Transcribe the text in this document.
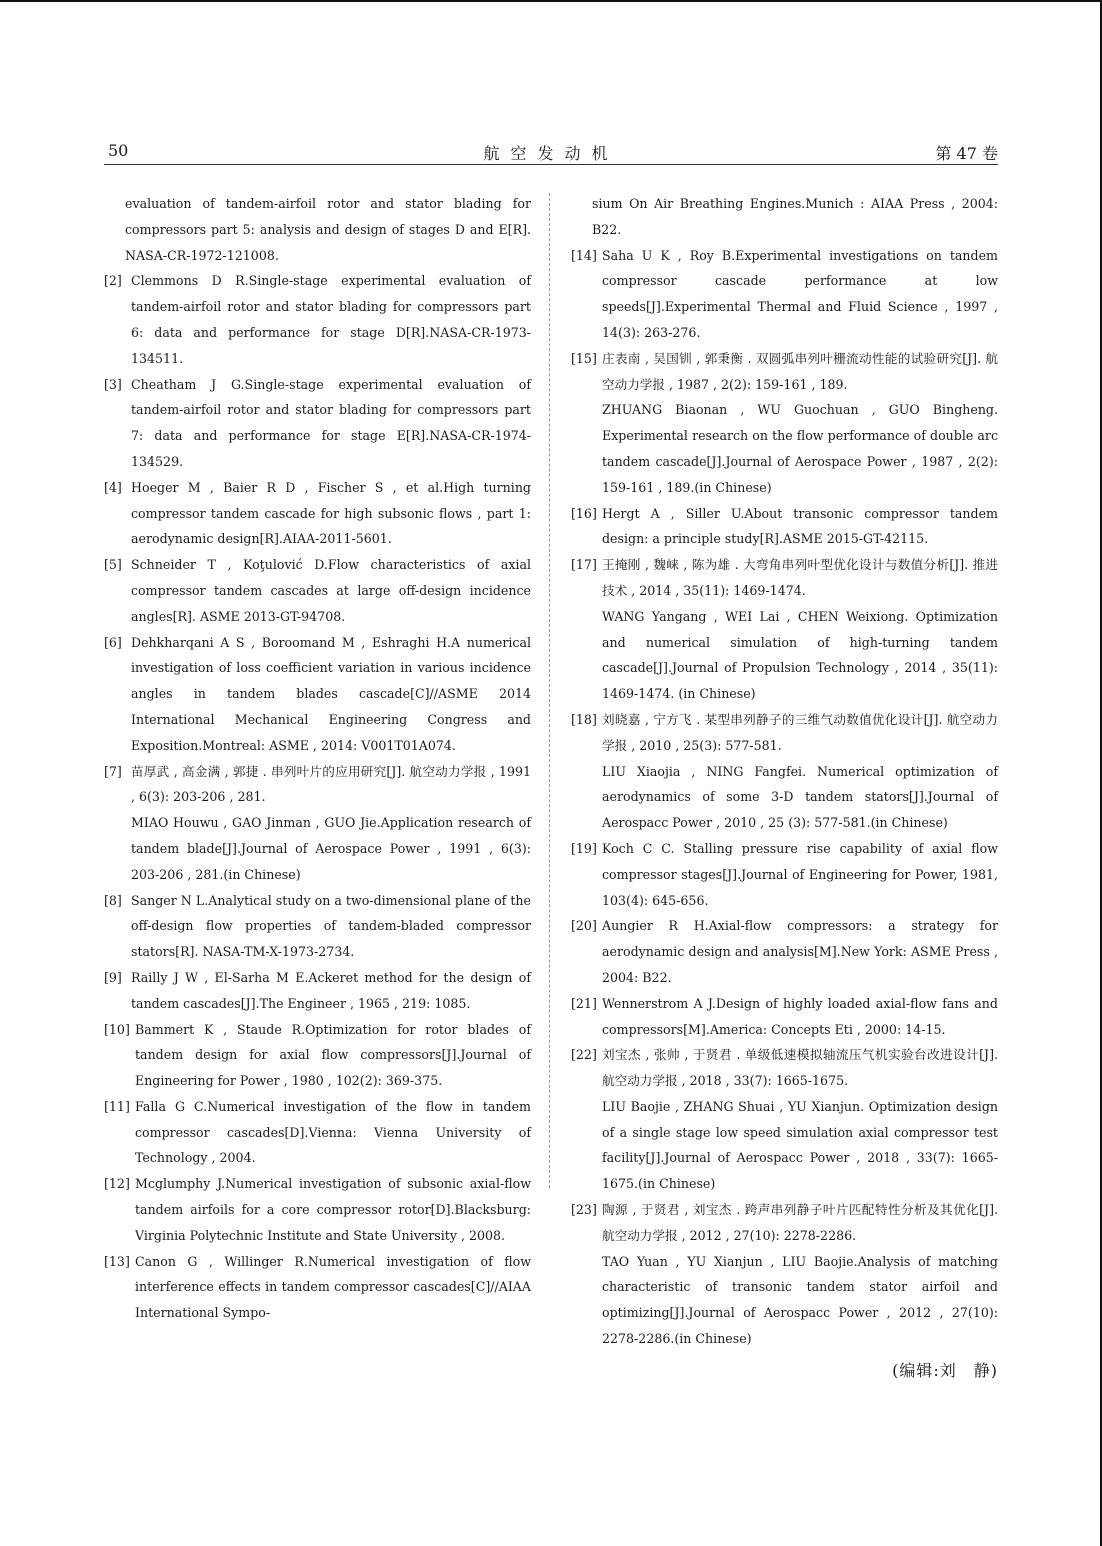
50	航空发动机	第 47 卷
evaluation of tandem-airfoil rotor and stator blading for compressors part 5: analysis and design of stages D and E[R]. NASA-CR-1972-121008.
[2] Clemmons D R.Single-stage experimental evaluation of tandem-airfoil rotor and stator blading for compressors part 6: data and performance for stage D[R].NASA-CR-1973-134511.
[3] Cheatham J G.Single-stage experimental evaluation of tandem-airfoil rotor and stator blading for compressors part 7: data and performance for stage E[R].NASA-CR-1974-134529.
[4] Hoeger M , Baier R D , Fischer S , et al.High turning compressor tandem cascade for high subsonic flows , part 1: aerodynamic design[R].AIAA-2011-5601.
[5] Schneider T , Koţulović D.Flow characteristics of axial compressor tandem cascades at large off-design incidence angles[R]. ASME 2013-GT-94708.
[6] Dehkharqani A S , Boroomand M , Eshraghi H.A numerical investigation of loss coefficient variation in various incidence angles in tandem blades cascade[C]//ASME 2014 International Mechanical Engineering Congress and Exposition.Montreal: ASME , 2014: V001T01A074.
[7] 苗厚武 , 高金满 , 郭捷 . 串列叶片的应用研究[J]. 航空动力学报 , 1991 , 6(3): 203-206 , 281.
MIAO Houwu , GAO Jinman , GUO Jie.Application research of tandem blade[J].Journal of Aerospace Power , 1991 , 6(3): 203-206 , 281.(in Chinese)
[8] Sanger N L.Analytical study on a two-dimensional plane of the off-design flow properties of tandem-bladed compressor stators[R]. NASA-TM-X-1973-2734.
[9] Railly J W , El-Sarha M E.Ackeret method for the design of tandem cascades[J].The Engineer , 1965 , 219: 1085.
[10] Bammert K , Staude R.Optimization for rotor blades of tandem design for axial flow compressors[J].Journal of Engineering for Power , 1980 , 102(2): 369-375.
[11] Falla G C.Numerical investigation of the flow in tandem compressor cascades[D].Vienna: Vienna University of Technology , 2004.
[12] Mcglumphy J.Numerical investigation of subsonic axial-flow tandem airfoils for a core compressor rotor[D].Blacksburg: Virginia Polytechnic Institute and State University , 2008.
[13] Canon G , Willinger R.Numerical investigation of flow interference effects in tandem compressor cascades[C]//AIAA International Sympo-
sium On Air Breathing Engines.Munich : AIAA Press , 2004: B22.
[14] Saha U K , Roy B.Experimental investigations on tandem compressor cascade performance at low speeds[J].Experimental Thermal and Fluid Science , 1997 , 14(3): 263-276.
[15] 庄表南 , 吴国钏 , 郭秉衡 . 双圆弧串列叶栅流动性能的试验研究[J]. 航空动力学报 , 1987 , 2(2): 159-161 , 189.
ZHUANG Biaonan , WU Guochuan , GUO Bingheng. Experimental research on the flow performance of double arc tandem cascade[J].Journal of Aerospace Power , 1987 , 2(2): 159-161 , 189.(in Chinese)
[16] Hergt A , Siller U.About transonic compressor tandem design: a principle study[R].ASME 2015-GT-42115.
[17] 王掩刚 , 魏崃 , 陈为雄 . 大弯角串列叶型优化设计与数值分析[J]. 推进技术 , 2014 , 35(11): 1469-1474.
WANG Yangang , WEI Lai , CHEN Weixiong. Optimization and numerical simulation of high-turning tandem cascade[J].Journal of Propulsion Technology , 2014 , 35(11): 1469-1474. (in Chinese)
[18] 刘晓嘉 , 宁方飞 . 某型串列静子的三维气动数值优化设计[J]. 航空动力学报 , 2010 , 25(3): 577-581.
LIU Xiaojia , NING Fangfei. Numerical optimization of aerodynamics of some 3-D tandem stators[J].Journal of Aerospacc Power , 2010 , 25 (3): 577-581.(in Chinese)
[19] Koch C C. Stalling pressure rise capability of axial flow compressor stages[J].Journal of Engineering for Power, 1981, 103(4): 645-656.
[20] Aungier R H.Axial-flow compressors: a strategy for aerodynamic design and analysis[M].New York: ASME Press , 2004: B22.
[21] Wennerstrom A J.Design of highly loaded axial-flow fans and compressors[M].America: Concepts Eti , 2000: 14-15.
[22] 刘宝杰 , 张帅 , 于贤君 . 单级低速模拟轴流压气机实验台改进设计[J]. 航空动力学报 , 2018 , 33(7): 1665-1675.
LIU Baojie , ZHANG Shuai , YU Xianjun. Optimization design of a single stage low speed simulation axial compressor test facility[J].Journal of Aerospacc Power , 2018 , 33(7): 1665-1675.(in Chinese)
[23] 陶源 , 于贤君 , 刘宝杰 . 跨声串列静子叶片匹配特性分析及其优化[J]. 航空动力学报 , 2012 , 27(10): 2278-2286.
TAO Yuan , YU Xianjun , LIU Baojie.Analysis of matching characteristic of transonic tandem stator airfoil and optimizing[J].Journal of Aerospacc Power , 2012 , 27(10): 2278-2286.(in Chinese)
(编辑:刘　静)
